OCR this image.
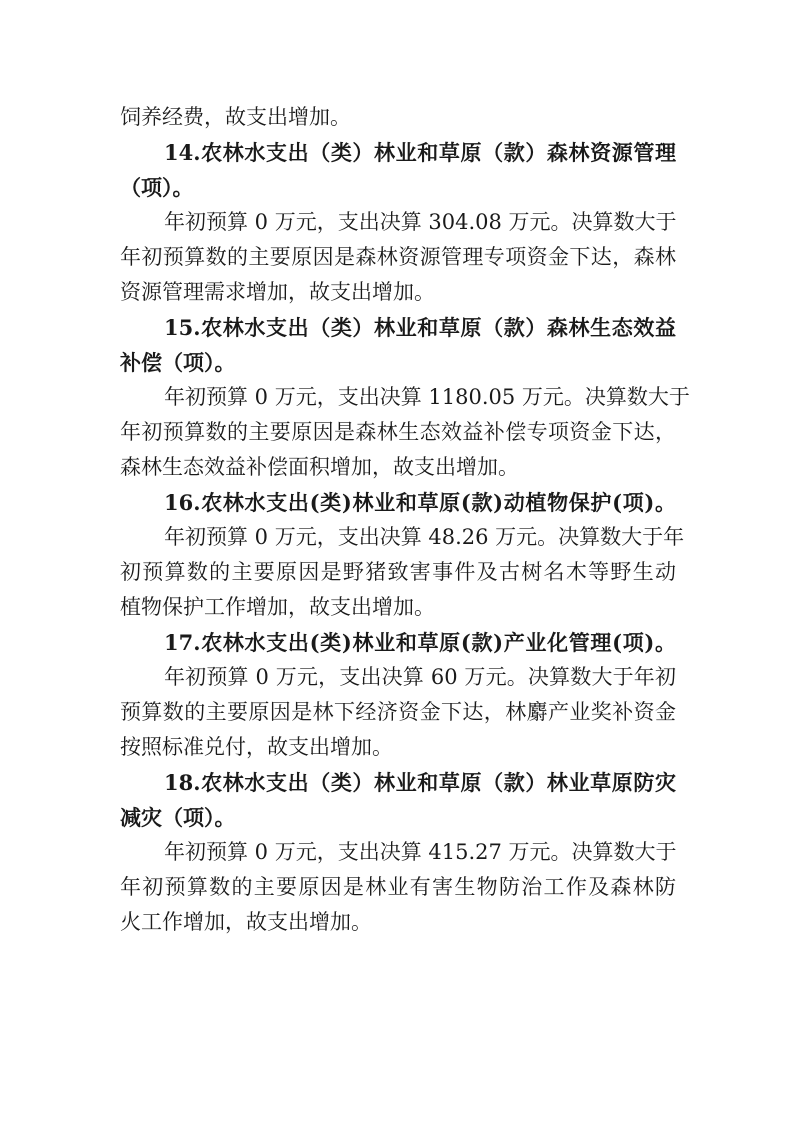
饲养经费，故支出增加。
14.农林水支出（类）林业和草原（款）森林资源管理
（项）。
年初预算 0 万元，支出决算 304.08 万元。决算数大于
年初预算数的主要原因是森林资源管理专项资金下达，森林
资源管理需求增加，故支出增加。
15.农林水支出（类）林业和草原（款）森林生态效益
补偿（项）。
年初预算 0 万元，支出决算 1180.05 万元。决算数大于
年初预算数的主要原因是森林生态效益补偿专项资金下达，
森林生态效益补偿面积增加，故支出增加。
16.农林水支出(类)林业和草原(款)动植物保护(项)。
年初预算 0 万元，支出决算 48.26 万元。决算数大于年
初预算数的主要原因是野猪致害事件及古树名木等野生动
植物保护工作增加，故支出增加。
17.农林水支出(类)林业和草原(款)产业化管理(项)。
年初预算 0 万元，支出决算 60 万元。决算数大于年初
预算数的主要原因是林下经济资金下达，林麝产业奖补资金
按照标准兑付，故支出增加。
18.农林水支出（类）林业和草原（款）林业草原防灾
减灾（项）。
年初预算 0 万元，支出决算 415.27 万元。决算数大于
年初预算数的主要原因是林业有害生物防治工作及森林防
火工作增加，故支出增加。
